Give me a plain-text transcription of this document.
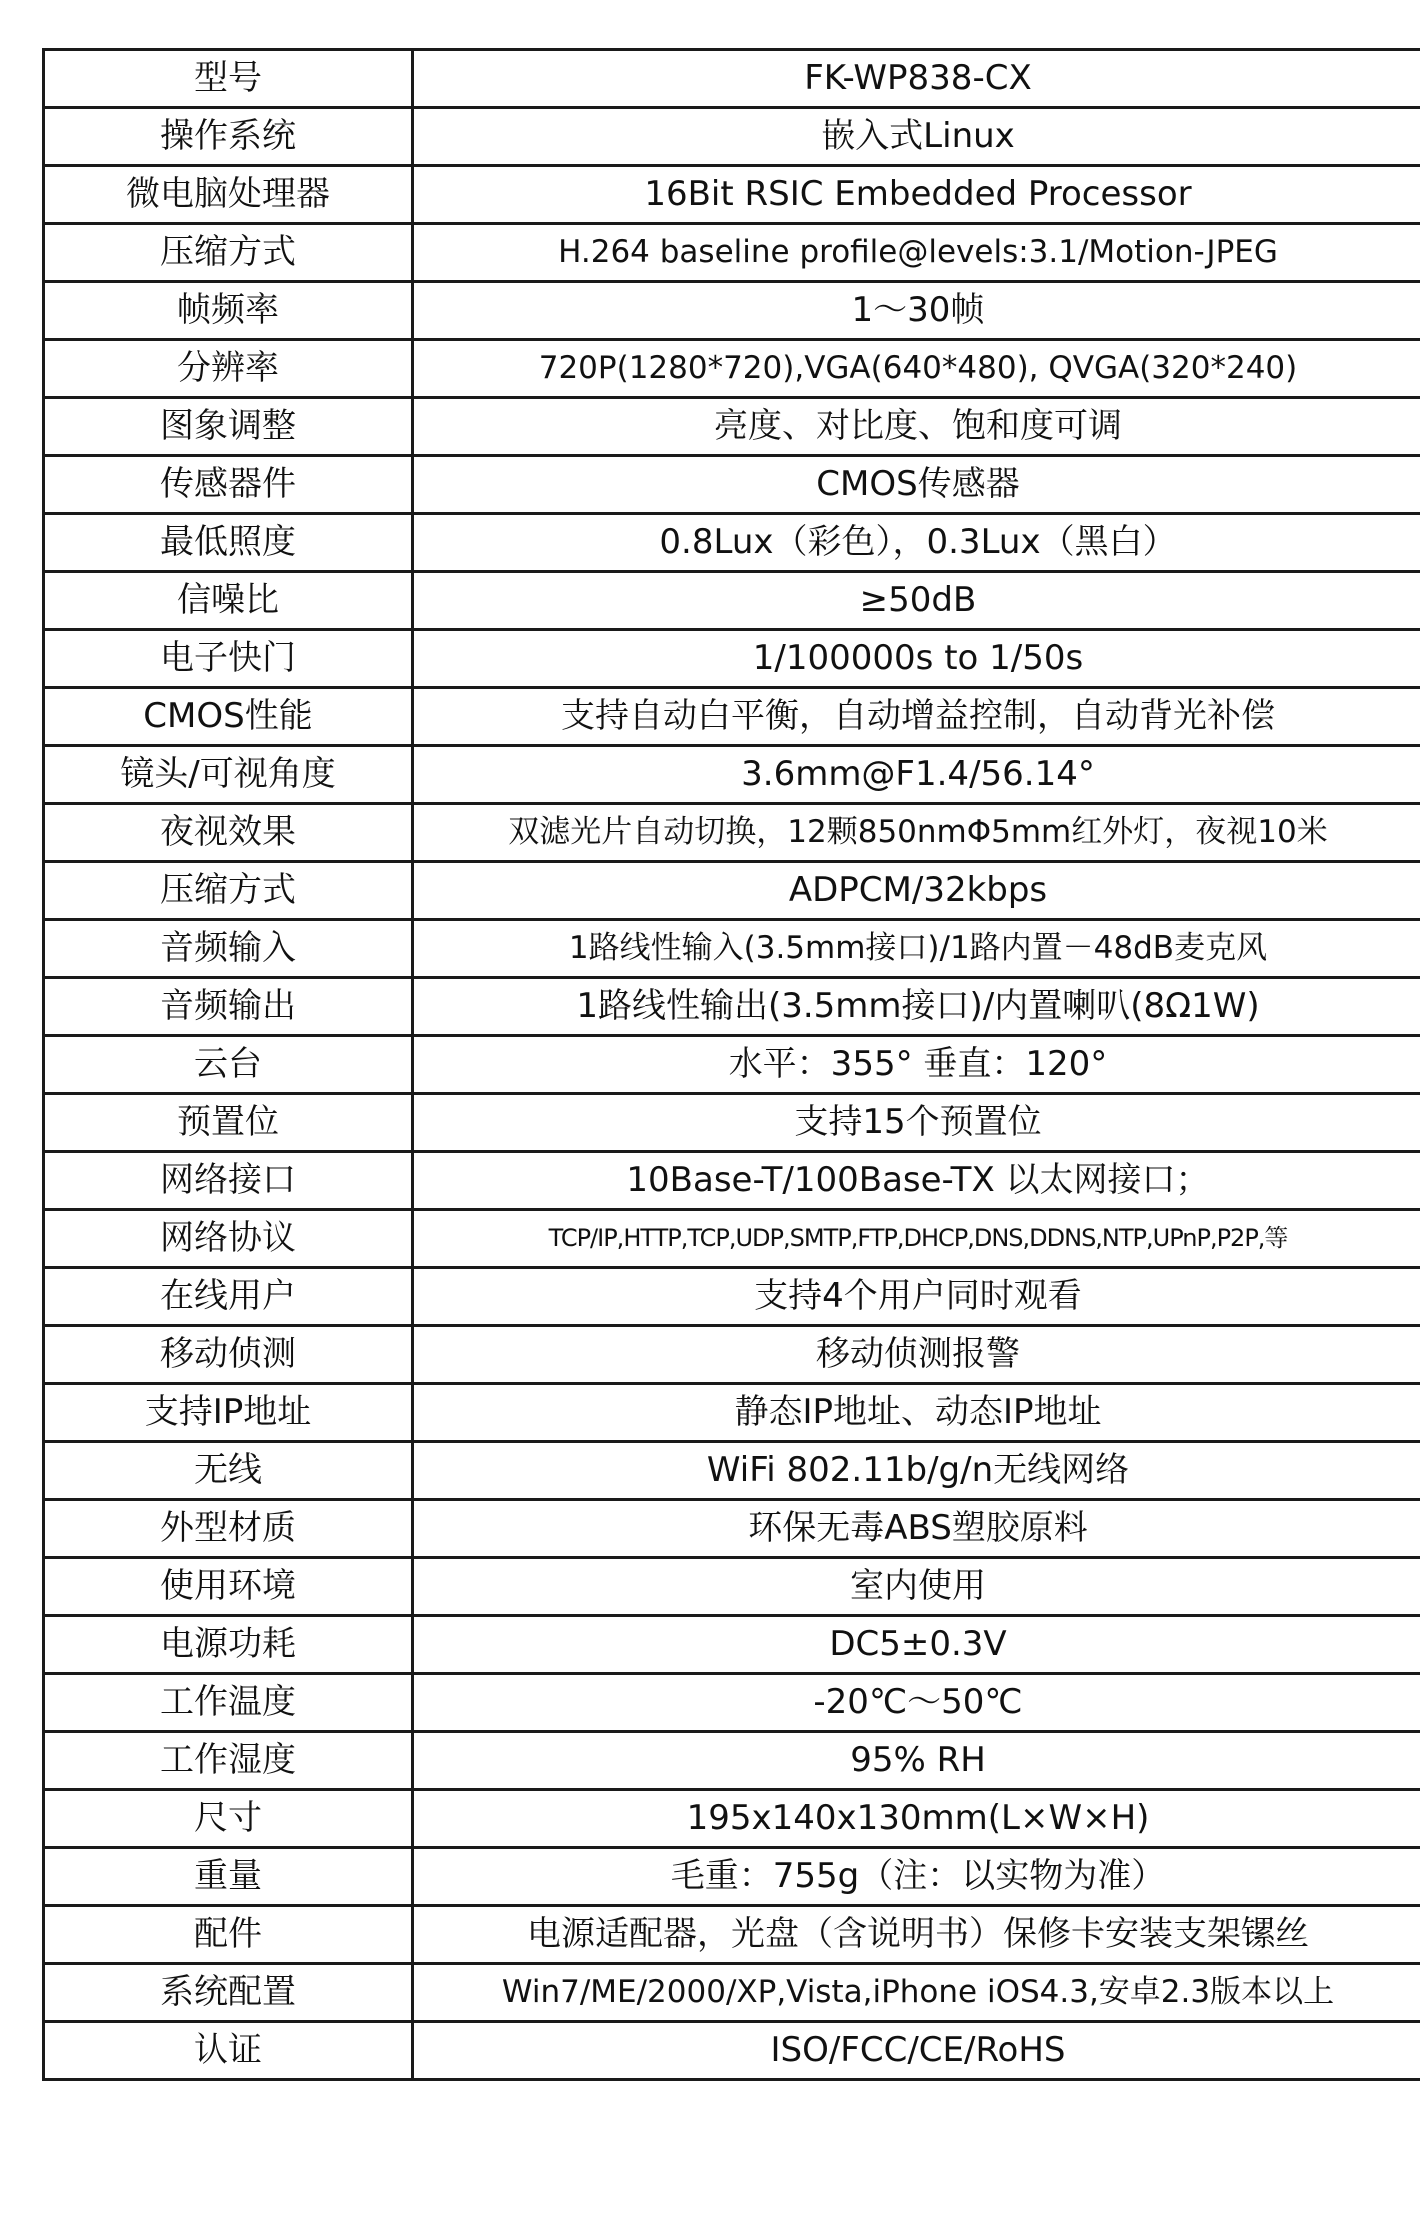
型号	FK-WP838-CX
操作系统	嵌入式Linux
微电脑处理器	16Bit RSIC Embedded Processor
压缩方式	H.264 baseline profile@levels:3.1/Motion-JPEG
帧频率	1～30帧
分辨率	720P(1280*720),VGA(640*480), QVGA(320*240)
图象调整	亮度、对比度、饱和度可调
传感器件	CMOS传感器
最低照度	0.8Lux（彩色），0.3Lux（黑白）
信噪比	≥50dB
电子快门	1/100000s to 1/50s
CMOS性能	支持自动白平衡，自动增益控制，自动背光补偿
镜头/可视角度	3.6mm@F1.4/56.14°
夜视效果	双滤光片自动切换，12颗850nmΦ5mm红外灯，夜视10米
压缩方式	ADPCM/32kbps
音频输入	1路线性输入(3.5mm接口)/1路内置－48dB麦克风
音频输出	1路线性输出(3.5mm接口)/内置喇叭(8Ω1W)
云台	水平：355° 垂直：120°
预置位	支持15个预置位
网络接口	10Base-T/100Base-TX 以太网接口；
网络协议	TCP/IP,HTTP,TCP,UDP,SMTP,FTP,DHCP,DNS,DDNS,NTP,UPnP,P2P,等
在线用户	支持4个用户同时观看
移动侦测	移动侦测报警
支持IP地址	静态IP地址、动态IP地址
无线	WiFi 802.11b/g/n无线网络
外型材质	环保无毒ABS塑胶原料
使用环境	室内使用
电源功耗	DC5±0.3V
工作温度	-20℃～50℃
工作湿度	95% RH
尺寸	195x140x130mm(L×W×H)
重量	毛重：755g（注：以实物为准）
配件	电源适配器，光盘（含说明书）保修卡安装支架镙丝
系统配置	Win7/ME/2000/XP,Vista,iPhone iOS4.3,安卓2.3版本以上
认证	ISO/FCC/CE/RoHS
